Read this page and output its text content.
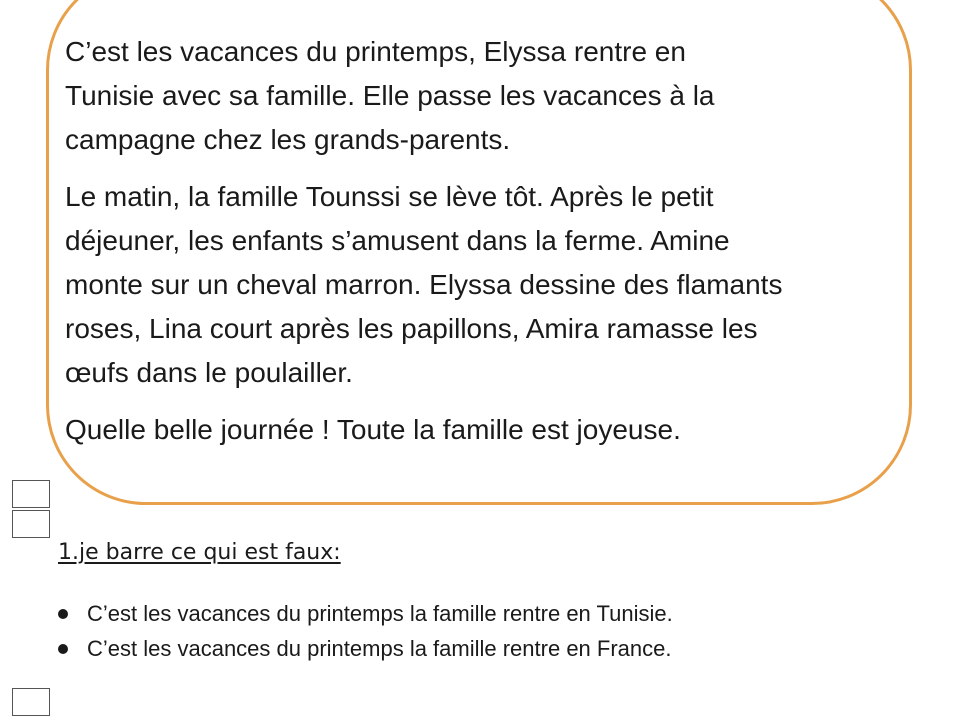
C’est les vacances du printemps, Elyssa rentre en
Tunisie avec sa famille. Elle passe les vacances à la
campagne chez les grands-parents.

Le matin, la famille Tounssi se lève tôt. Après le petit
déjeuner, les enfants s’amusent dans la ferme. Amine
monte sur un cheval marron. Elyssa dessine des flamants
roses, Lina court après les papillons, Amira ramasse les
œufs dans le poulailler.

Quelle belle journée ! Toute la famille est joyeuse.

1.je barre ce qui est faux:
C’est les vacances du printemps la famille rentre en Tunisie.
C’est les vacances du printemps la famille rentre en France.
